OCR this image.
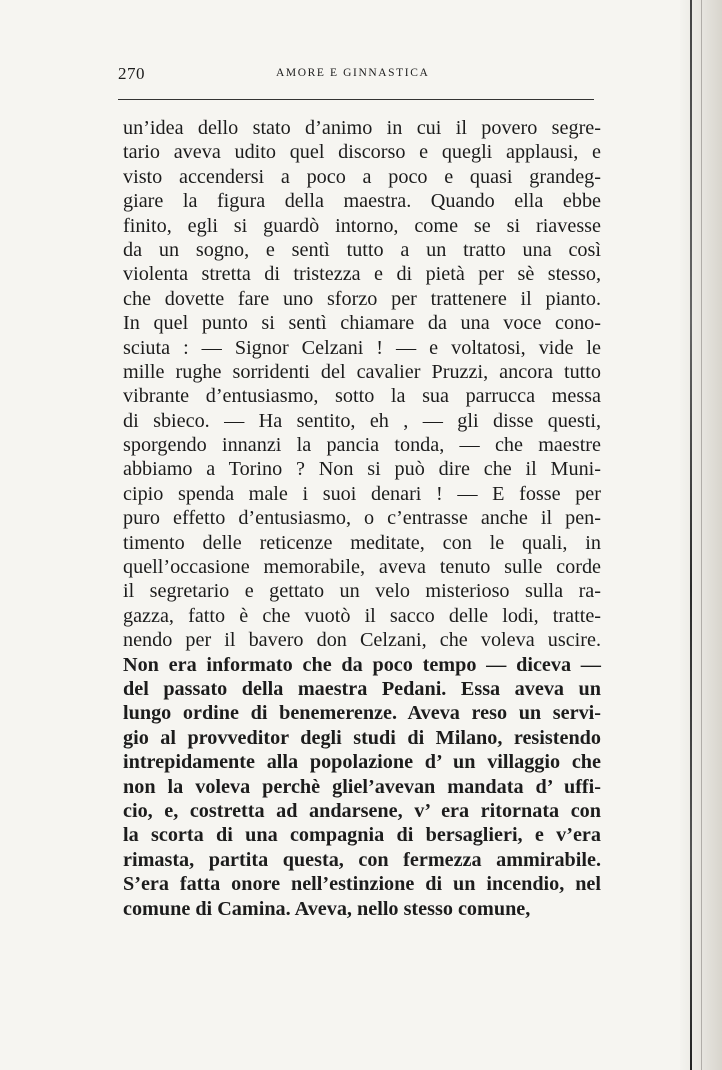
270	AMORE E GINNASTICA
un’idea dello stato d’animo in cui il povero segre-
tario aveva udito quel discorso e quegli applausi, e
visto accendersi a poco a poco e quasi grandeg-
giare la figura della maestra. Quando ella ebbe
finito, egli si guardò intorno, come se si riavesse
da un sogno, e sentì tutto a un tratto una così
violenta stretta di tristezza e di pietà per sè stesso,
che dovette fare uno sforzo per trattenere il pianto.
In quel punto si sentì chiamare da una voce cono-
sciuta : — Signor Celzani ! — e voltatosi, vide le
mille rughe sorridenti del cavalier Pruzzi, ancora tutto
vibrante d’entusiasmo, sotto la sua parrucca messa
di sbieco. — Ha sentito, eh , — gli disse questi,
sporgendo innanzi la pancia tonda, — che maestre
abbiamo a Torino ? Non si può dire che il Muni-
cipio spenda male i suoi denari ! — E fosse per
puro effetto d’entusiasmo, o c’entrasse anche il pen-
timento delle reticenze meditate, con le quali, in
quell’occasione memorabile, aveva tenuto sulle corde
il segretario e gettato un velo misterioso sulla ra-
gazza, fatto è che vuotò il sacco delle lodi, tratte-
nendo per il bavero don Celzani, che voleva uscire.
Non era informato che da poco tempo — diceva —
del passato della maestra Pedani. Essa aveva un
lungo ordine di benemerenze. Aveva reso un servi-
gio al provveditor degli studi di Milano, resistendo
intrepidamente alla popolazione d’ un villaggio che
non la voleva perchè gliel’avevan mandata d’ uffi-
cio, e, costretta ad andarsene, v’ era ritornata con
la scorta di una compagnia di bersaglieri, e v’era
rimasta, partita questa, con fermezza ammirabile.
S’era fatta onore nell’estinzione di un incendio, nel
comune di Camina. Aveva, nello stesso comune,
